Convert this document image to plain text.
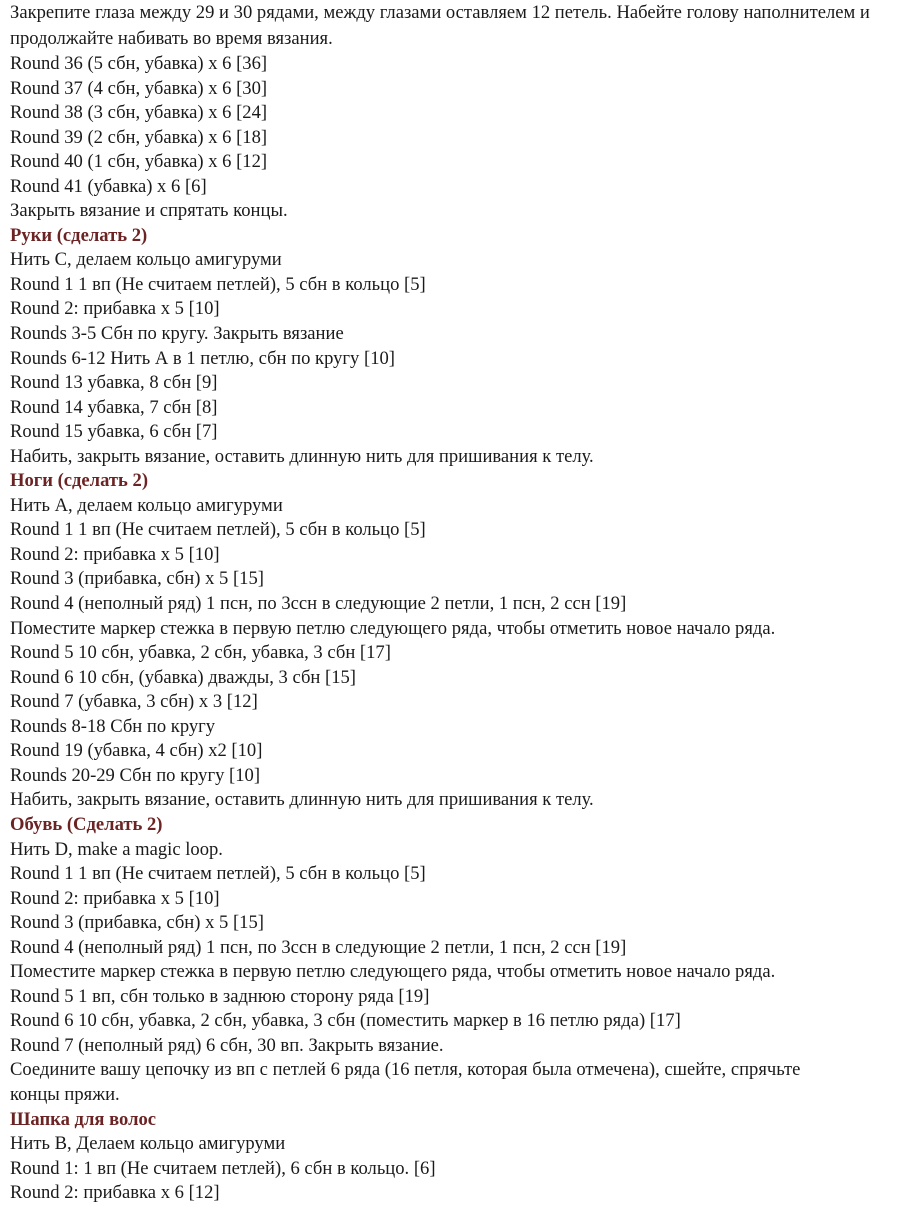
Закрепите глаза между 29 и 30 рядами, между глазами оставляем 12 петель. Набейте голову наполнителем и продолжайте набивать во время вязания.
Round 36 (5 сбн, убавка) х 6 [36]
Round 37 (4 сбн, убавка) х 6 [30]
Round 38 (3 сбн, убавка) х 6 [24]
Round 39 (2 сбн, убавка) х 6 [18]
Round 40 (1 сбн, убавка) х 6 [12]
Round 41 (убавка) х 6 [6]
Закрыть вязание и спрятать концы.
Руки (сделать 2)
Нить С, делаем кольцо амигуруми
Round 1 1 вп (Не считаем петлей), 5 сбн в кольцо [5]
Round 2: прибавка х 5 [10]
Rounds 3-5 Сбн по кругу. Закрыть вязание
Rounds 6-12 Нить А в 1 петлю, сбн по кругу [10]
Round 13 убавка, 8 сбн [9]
Round 14 убавка, 7 сбн [8]
Round 15 убавка, 6 сбн [7]
Набить, закрыть вязание, оставить длинную нить для пришивания к телу.
Ноги (сделать 2)
Нить А, делаем кольцо амигуруми
Round 1 1 вп (Не считаем петлей), 5 сбн в кольцо [5]
Round 2: прибавка х 5 [10]
Round 3 (прибавка, сбн) х 5 [15]
Round 4 (неполный ряд) 1 псн, по 3ссн в следующие 2 петли, 1 псн, 2 ссн [19]
Поместите маркер стежка в первую петлю следующего ряда, чтобы отметить новое начало ряда.
Round 5 10 сбн, убавка, 2 сбн, убавка, 3 сбн [17]
Round 6 10 сбн, (убавка) дважды, 3 сбн [15]
Round 7 (убавка, 3 сбн) х 3 [12]
Rounds 8-18 Сбн по кругу
Round 19 (убавка, 4 сбн) х2 [10]
Rounds 20-29 Сбн по кругу [10]
Набить, закрыть вязание, оставить длинную нить для пришивания к телу.
Обувь (Сделать 2)
Нить D, make a magic loop.
Round 1 1 вп (Не считаем петлей), 5 сбн в кольцо [5]
Round 2: прибавка х 5 [10]
Round 3 (прибавка, сбн) х 5 [15]
Round 4 (неполный ряд) 1 псн, по 3ссн в следующие 2 петли, 1 псн, 2 ссн [19]
Поместите маркер стежка в первую петлю следующего ряда, чтобы отметить новое начало ряда.
Round 5 1 вп, сбн только в заднюю сторону ряда [19]
Round 6 10 сбн, убавка, 2 сбн, убавка, 3 сбн (поместить маркер в 16 петлю ряда) [17]
Round 7 (неполный ряд) 6 сбн, 30 вп. Закрыть вязание.
Соедините вашу цепочку из вп с петлей 6 ряда (16 петля, которая была отмечена), сшейте, спрячьте концы пряжи.
Шапка для волос
Нить В, Делаем кольцо амигуруми
Round 1: 1 вп (Не считаем петлей), 6 сбн в кольцо. [6]
Round 2: прибавка х 6 [12]
